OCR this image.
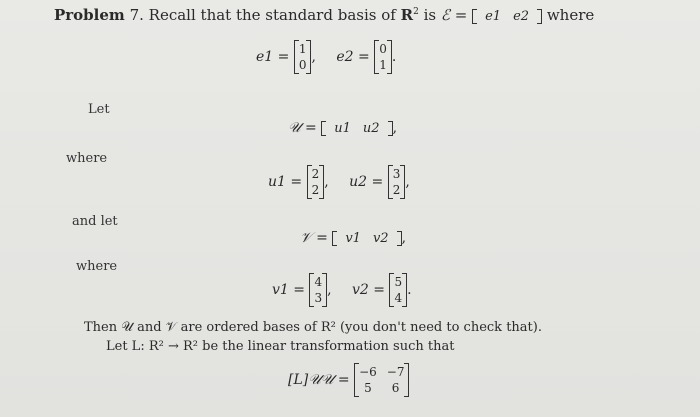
Problem 7. Recall that the standard basis of $R^2$ is ℰ = e1 e2 where
e1 = 1
0 , e2 = 0
1 .
Let
where
and let
where
𝒰 = u1 u2 ,
u1 = 2
2 , u2 = 3
2 ,
𝒱 = v1 v2 ,
v1 = 4
3 , v2 = 5
4 .
Then 𝒰 and 𝒱 are ordered bases of R² (you don't need to check that).
Let L: R² → R² be the linear transformation such that
[L]𝒰𝒰 = −6 −7
5	6
